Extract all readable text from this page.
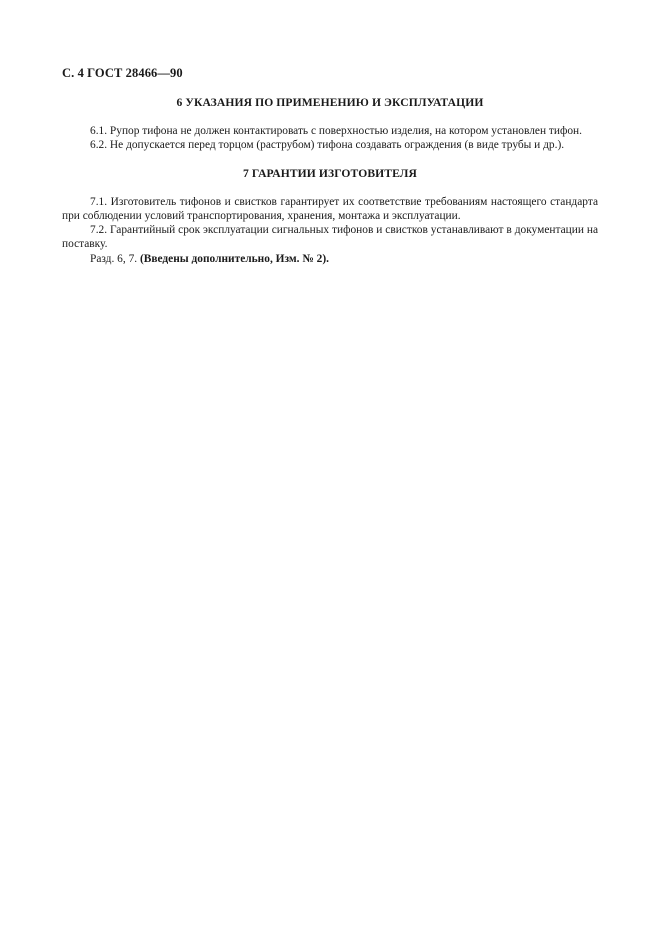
С. 4 ГОСТ 28466—90
6 УКАЗАНИЯ ПО ПРИМЕНЕНИЮ И ЭКСПЛУАТАЦИИ

6.1. Рупор тифона не должен контактировать с поверхностью изделия, на котором установлен тифон.

6.2. Не допускается перед торцом (раструбом) тифона создавать ограждения (в виде трубы и др.).

7 ГАРАНТИИ ИЗГОТОВИТЕЛЯ

7.1. Изготовитель тифонов и свистков гарантирует их соответствие требованиям настоящего стандарта при соблюдении условий транспортирования, хранения, монтажа и эксплуатации.

7.2. Гарантийный срок эксплуатации сигнальных тифонов и свистков устанавливают в документации на поставку.

Разд. 6, 7. (Введены дополнительно, Изм. № 2).
